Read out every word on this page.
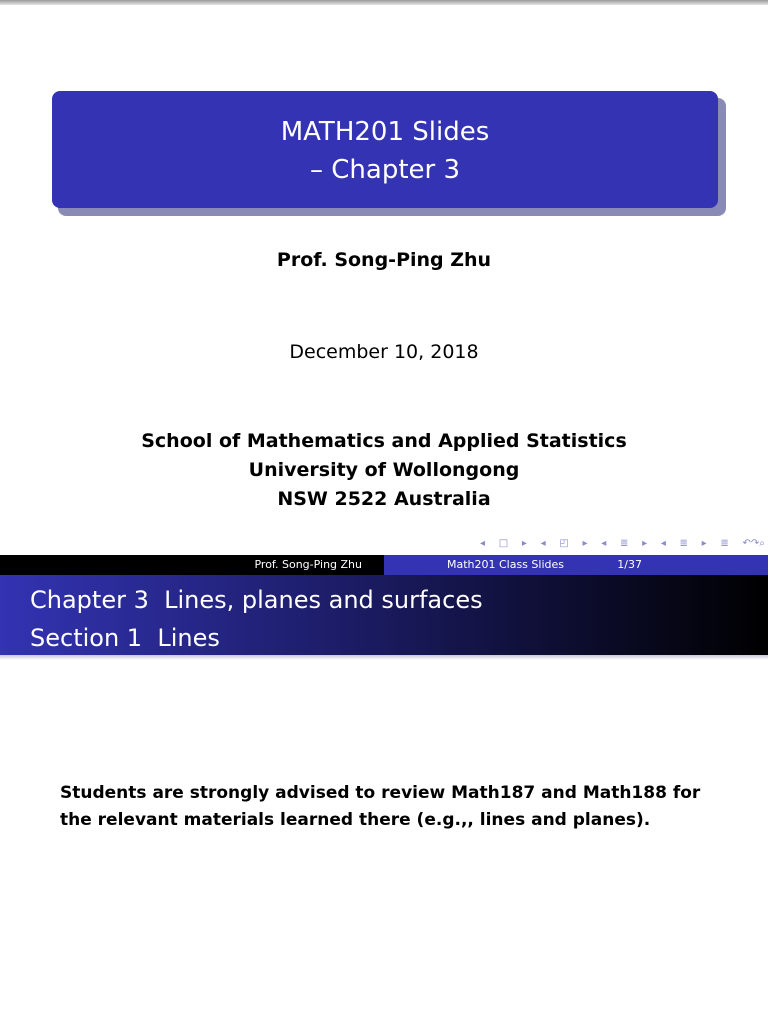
MATH201 Slides
– Chapter 3
Prof. Song-Ping Zhu
December 10, 2018
School of Mathematics and Applied Statistics
University of Wollongong
NSW 2522 Australia
◂ □ ▸ ◂ ◰ ▸ ◂ ≣ ▸ ◂ ≣ ▸ ≣ ↶↷⌕
Prof. Song-Ping Zhu	Math201 Class Slides	1/37
Chapter 3  Lines, planes and surfaces
Section 1  Lines
Students are strongly advised to review Math187 and Math188 for
the relevant materials learned there (e.g.,, lines and planes).
